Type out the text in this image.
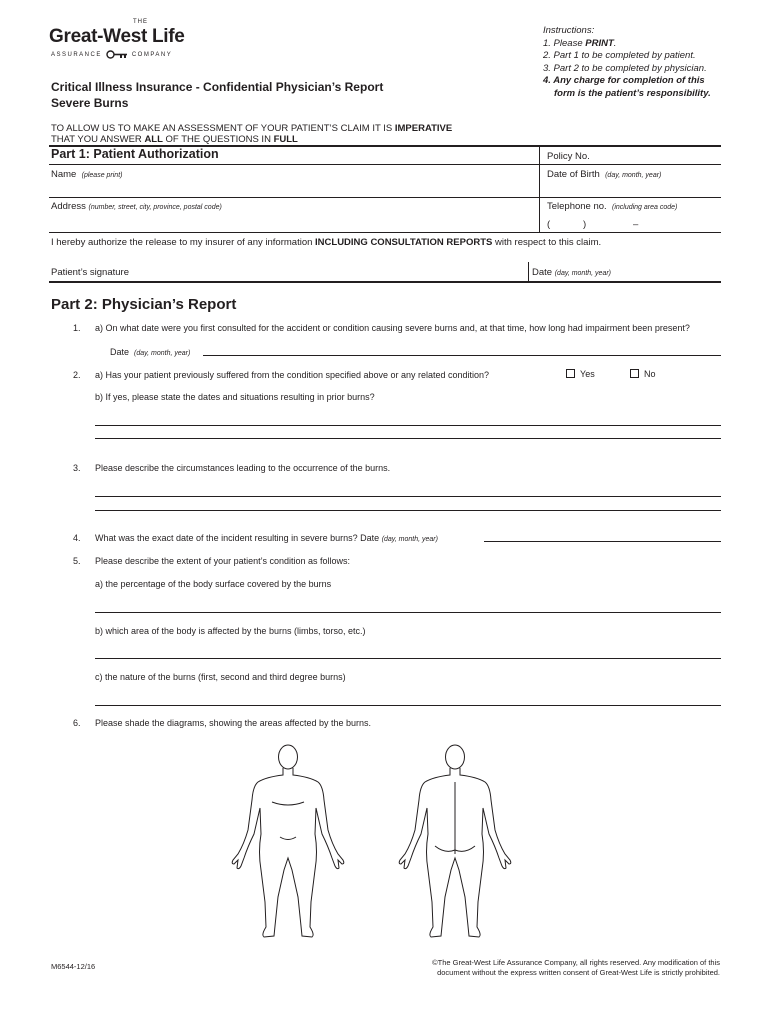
THE
Great-West Life
ASSURANCE	COMPANY
Instructions:
1. Please PRINT.
2. Part 1 to be completed by patient.
3. Part 2 to be completed by physician.
4. Any charge for completion of this
form is the patient’s responsibility.
Critical Illness Insurance - Confidential Physician’s Report
Severe Burns
TO ALLOW US TO MAKE AN ASSESSMENT OF YOUR PATIENT’S CLAIM IT IS IMPERATIVE
THAT YOU ANSWER ALL OF THE QUESTIONS IN FULL
Part 1: Patient Authorization	Policy No.
Name (please print)	Date of Birth (day, month, year)
Address (number, street, city, province, postal code)	Telephone no. (including area code)
(	)	–
I hereby authorize the release to my insurer of any information INCLUDING CONSULTATION REPORTS with respect to this claim.
Patient’s signature	Date (day, month, year)
Part 2: Physician’s Report
1. a) On what date were you first consulted for the accident or condition causing severe burns and, at that time, how long had impairment been present?
Date (day, month, year)
2. a) Has your patient previously suffered from the condition specified above or any related condition?	Yes	No
b) If yes, please state the dates and situations resulting in prior burns?
3. Please describe the circumstances leading to the occurrence of the burns.
4. What was the exact date of the incident resulting in severe burns? Date (day, month, year)
5. Please describe the extent of your patient’s condition as follows:
a) the percentage of the body surface covered by the burns
b) which area of the body is affected by the burns (limbs, torso, etc.)
c) the nature of the burns (first, second and third degree burns)
6. Please shade the diagrams, showing the areas affected by the burns.
M6544-12/16	©The Great-West Life Assurance Company, all rights reserved. Any modification of this
document without the express written consent of Great-West Life is strictly prohibited.
